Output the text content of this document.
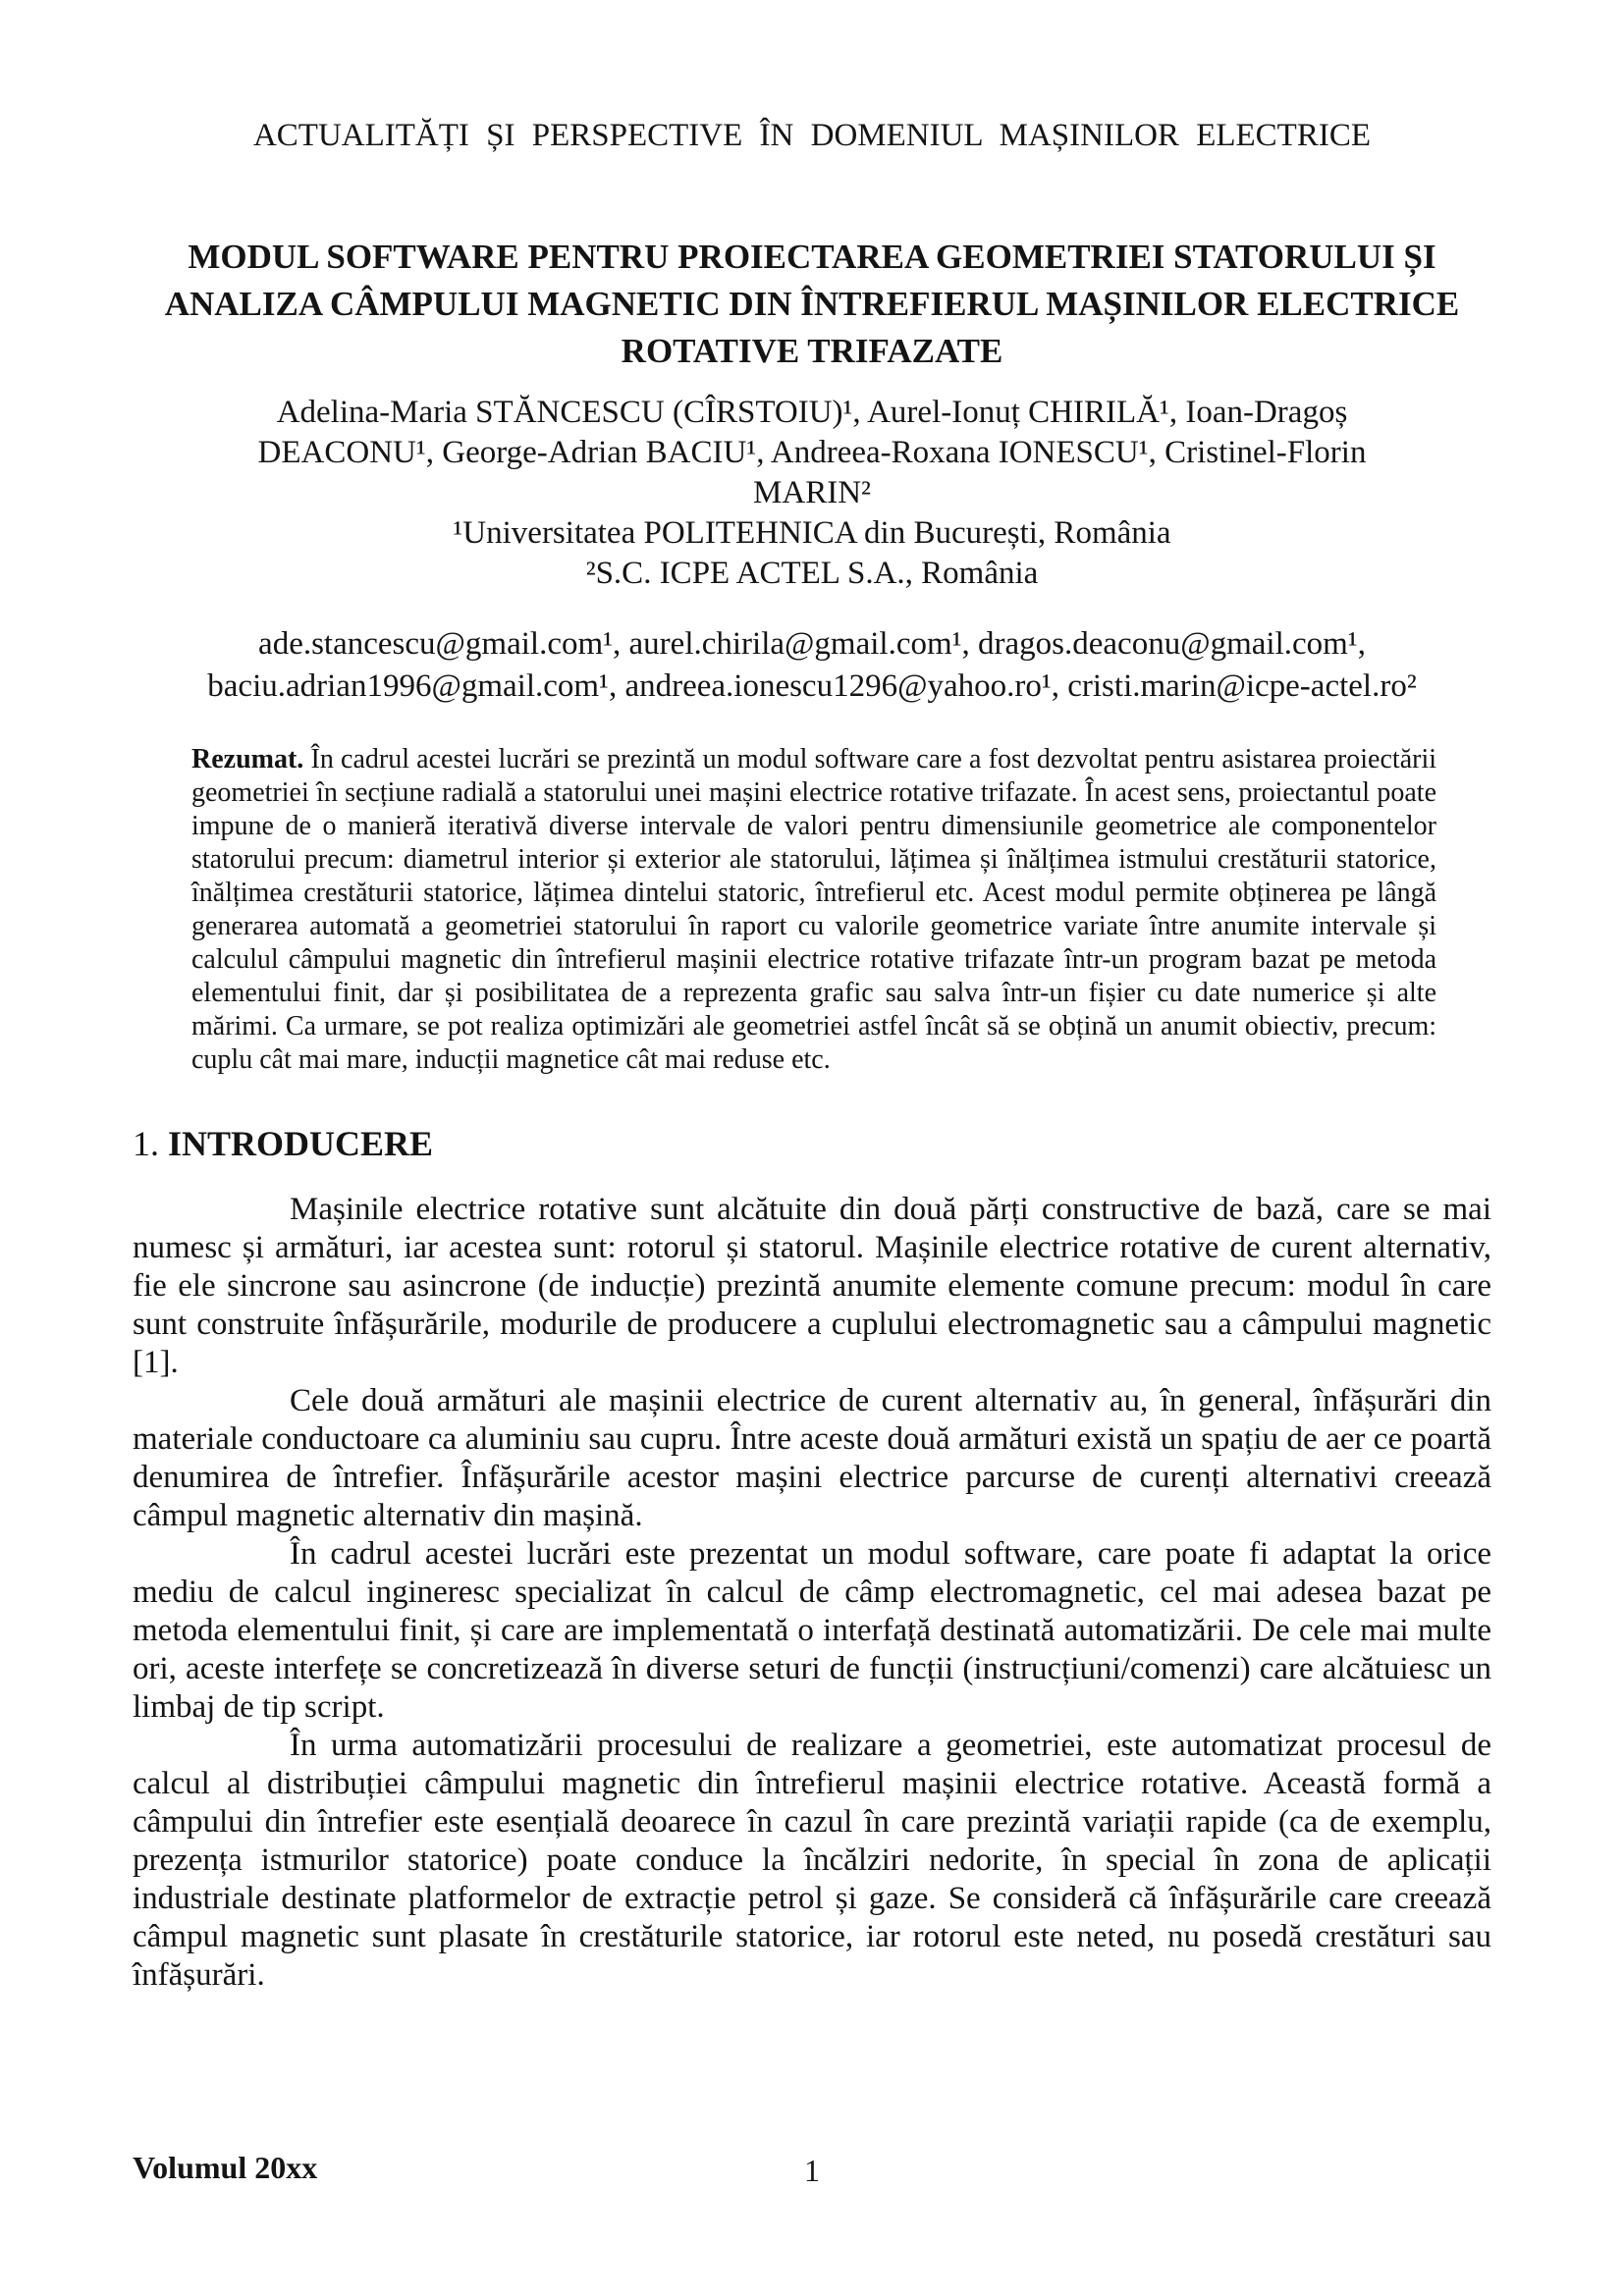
ACTUALITĂȚI ȘI PERSPECTIVE ÎN DOMENIUL MAȘINILOR ELECTRICE
MODUL SOFTWARE PENTRU PROIECTAREA GEOMETRIEI STATORULUI ȘI
ANALIZA CÂMPULUI MAGNETIC DIN ÎNTREFIERUL MAȘINILOR ELECTRICE
ROTATIVE TRIFAZATE
Adelina-Maria STĂNCESCU (CÎRSTOIU)¹, Aurel-Ionuț CHIRILĂ¹, Ioan-Dragoș
DEACONU¹, George-Adrian BACIU¹, Andreea-Roxana IONESCU¹, Cristinel-Florin
MARIN²
¹Universitatea POLITEHNICA din București, România
²S.C. ICPE ACTEL S.A., România
ade.stancescu@gmail.com¹, aurel.chirila@gmail.com¹, dragos.deaconu@gmail.com¹,
baciu.adrian1996@gmail.com¹, andreea.ionescu1296@yahoo.ro¹, cristi.marin@icpe-actel.ro²
Rezumat. În cadrul acestei lucrări se prezintă un modul software care a fost dezvoltat pentru asistarea proiectării geometriei în secțiune radială a statorului unei mașini electrice rotative trifazate. În acest sens, proiectantul poate impune de o manieră iterativă diverse intervale de valori pentru dimensiunile geometrice ale componentelor statorului precum: diametrul interior și exterior ale statorului, lățimea și înălțimea istmului crestăturii statorice, înălțimea crestăturii statorice, lățimea dintelui statoric, întrefierul etc. Acest modul permite obținerea pe lângă generarea automată a geometriei statorului în raport cu valorile geometrice variate între anumite intervale și calculul câmpului magnetic din întrefierul mașinii electrice rotative trifazate într-un program bazat pe metoda elementului finit, dar și posibilitatea de a reprezenta grafic sau salva într-un fișier cu date numerice și alte mărimi. Ca urmare, se pot realiza optimizări ale geometriei astfel încât să se obțină un anumit obiectiv, precum: cuplu cât mai mare, inducții magnetice cât mai reduse etc.
1. INTRODUCERE

Mașinile electrice rotative sunt alcătuite din două părți constructive de bază, care se mai numesc și armături, iar acestea sunt: rotorul și statorul. Mașinile electrice rotative de curent alternativ, fie ele sincrone sau asincrone (de inducție) prezintă anumite elemente comune precum: modul în care sunt construite înfășurările, modurile de producere a cuplului electromagnetic sau a câmpului magnetic [1].

Cele două armături ale mașinii electrice de curent alternativ au, în general, înfășurări din materiale conductoare ca aluminiu sau cupru. Între aceste două armături există un spațiu de aer ce poartă denumirea de întrefier. Înfășurările acestor mașini electrice parcurse de curenți alternativi creează câmpul magnetic alternativ din mașină.

În cadrul acestei lucrări este prezentat un modul software, care poate fi adaptat la orice mediu de calcul ingineresc specializat în calcul de câmp electromagnetic, cel mai adesea bazat pe metoda elementului finit, și care are implementată o interfață destinată automatizării. De cele mai multe ori, aceste interfețe se concretizează în diverse seturi de funcții (instrucțiuni/comenzi) care alcătuiesc un limbaj de tip script.

În urma automatizării procesului de realizare a geometriei, este automatizat procesul de calcul al distribuției câmpului magnetic din întrefierul mașinii electrice rotative. Această formă a câmpului din întrefier este esențială deoarece în cazul în care prezintă variații rapide (ca de exemplu, prezența istmurilor statorice) poate conduce la încălziri nedorite, în special în zona de aplicații industriale destinate platformelor de extracție petrol și gaze. Se consideră că înfășurările care creează câmpul magnetic sunt plasate în crestăturile statorice, iar rotorul este neted, nu posedă crestături sau înfășurări.

Volumul 20xx	1
